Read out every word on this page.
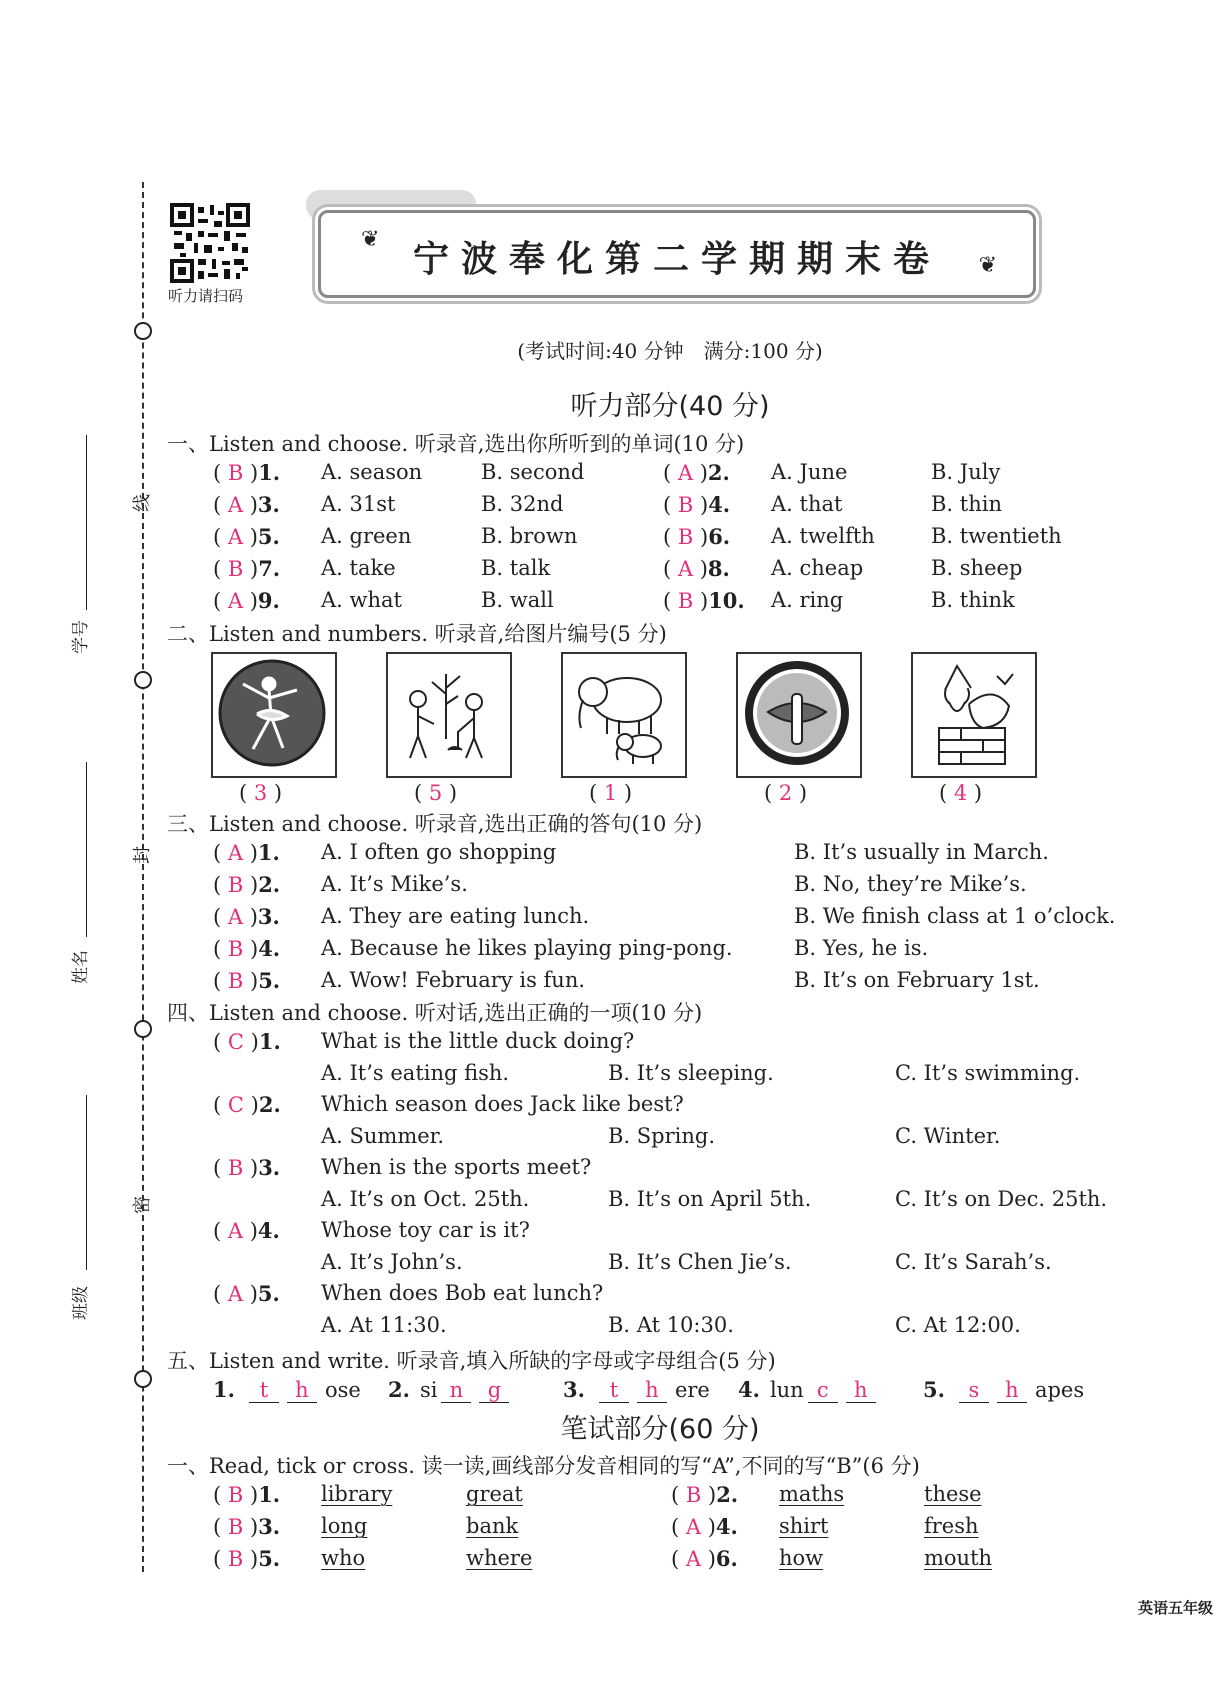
听力请扫码
线
封
密
学号
姓名
班级
❦ 宁波奉化第二学期期末卷	❦
(考试时间:40 分钟　满分:100 分)
听力部分(40 分)
一、Listen and choose. 听录音,选出你所听到的单词(10 分)
二、Listen and numbers. 听录音,给图片编号(5 分)
三、Listen and choose. 听录音,选出正确的答句(10 分)
四、Listen and choose. 听对话,选出正确的一项(10 分)
五、Listen and write. 听录音,填入所缺的字母或字母组合(5 分)
笔试部分(60 分)
一、Read, tick or cross. 读一读,画线部分发音相同的写“A”,不同的写“B”(6 分)
( B )1. A. season	B. second	( A )2. A. June	B. July
( A )3. A. 31st	B. 32nd	( B )4. A. that	B. thin
( A )5. A. green	B. brown	( B )6. A. twelfth	B. twentieth
( B )7. A. take	B. talk	( A )8. A. cheap	B. sheep
( A )9. A. what	B. wall	( B )10. A. ring	B. think
( 3 )	( 5 )	( 1 )	( 2 )	( 4 )
( A )1. A. I often go shopping	B. It’s usually in March.
( B )2. A. It’s Mike’s.	B. No, they’re Mike’s.
( A )3. A. They are eating lunch.	B. We finish class at 1 o’clock.
( B )4. A. Because he likes playing ping-pong.	B. Yes, he is.
( B )5. A. Wow! February is fun.	B. It’s on February 1st.
( C )1. What is the little duck doing?
A. It’s eating fish.	B. It’s sleeping.	C. It’s swimming.
( C )2. Which season does Jack like best?
A. Summer.	B. Spring.	C. Winter.
( B )3. When is the sports meet?
A. It’s on Oct. 25th.	B. It’s on April 5th.	C. It’s on Dec. 25th.
( A )4. Whose toy car is it?
A. It’s John’s.	B. It’s Chen Jie’s.	C. It’s Sarah’s.
( A )5. When does Bob eat lunch?
A. At 11:30.	B. At 10:30.	C. At 12:00.
1. t h ose 2. si n g	3. t h ere 4. lun c h	5. s h apes
( B )1. library	great	( B )2. maths	these
( B )3. long	bank	( A )4. shirt	fresh
( B )5. who	where	( A )6. how	mouth
英语五年级
